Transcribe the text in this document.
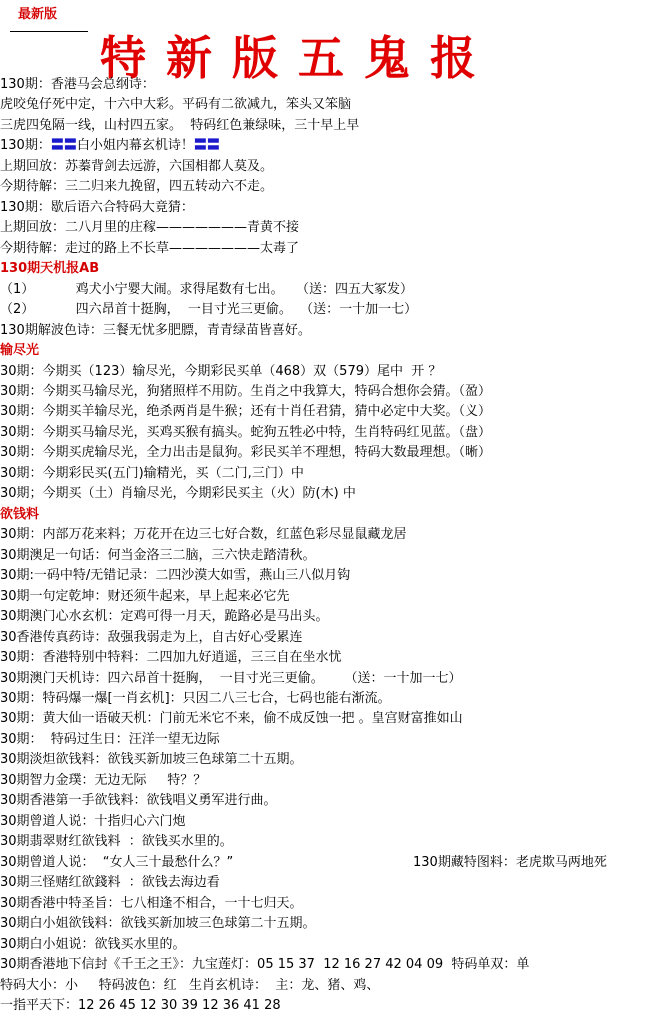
最新版
特新版五鬼报
130期藏特图料：老虎欺马两地死
130期：香港马会总纲诗：
虎咬兔仔死中定，十六中大彩。平码有二欲减九，笨头又笨脑
三虎四兔隔一线，山村四五家。  特码红色兼绿味，三十早上早
130期：〓〓白小姐内幕玄机诗！〓〓
上期回放：苏蓁背剑去远游，六国相都人莫及。
今期待解：三二归来九挽留，四五转动六不走。
130期：歇后语六合特码大竟猜：
上期回放：二八月里的庄稼———————青黄不接
今期待解：走过的路上不长草———————太毒了
130期天机报AB
（1）          鸡犬小宁婴大闹。求得尾数有七出。   （送：四五大冢发）
（2）          四六昂首十挺胸，  一目寸光三更偷。  （送：一十加一七）
130期解波色诗：三餐无忧多肥膘，青青绿苗皆喜好。
输尽光
30期：今期买（123）输尽光，今期彩民买单（468）双（579）尾中  开 ？
30期：今期买马输尽光，狗猪照样不用防。生肖之中我算大，特码合想你会猜。（盈）
30期：今期买羊输尽光，绝杀两肖是牛猴；还有十肖任君猜，猜中必定中大奖。（义）
30期：今期买马输尽光，买鸡买猴有搞头。蛇狗五牲必中特，生肖特码红见蓝。（盘）
30期：今期买虎输尽光，全力出击是鼠狗。彩民买羊不理想，特码大数最理想。（晰）
30期：今期彩民买(五门)输精光，买（二门,三门）中
30期；今期买（土）肖输尽光，今期彩民买主（火）防(木) 中
欲钱料
30期：内部万花来料；万花开在边三七好合数，红蓝色彩尽显鼠藏龙居
30期澳足一句话：何当金洛三二脑，三六快走踏清秋。
30期:一码中特/无错记录：二四沙漠大如雪，燕山三八似月钩
30期一句定乾坤：财还须牛起来，早上起来必它先
30期澳门心水玄机：定鸡可得一月天，跪路必是马出头。
30香港传真药诗：敌强我弱走为上，自古好心受累连
30期：香港特别中特料：二四加九好逍遥，三三自在坐水忧
30期澳门天机诗：四六昂首十挺胸，  一目寸光三更偷。     （送：一十加一七）
30期：特码爆一爆[一肖玄机]：只因二八三七合，七码也能右渐流。
30期：黄大仙一语破天机：门前无米它不来，偷不成反蚀一把 。皇宫财富推如山
30期：  特码过生日：汪洋一望无边际
30期淡炟欲钱料：欲钱买新加坡三色球第二十五期。
30期智力金璞：无边无际     特？？
30期香港第一手欲钱料：欲钱唱义勇军进行曲。
30期曾道人说：十指归心六门炮
30期翡翠财红欲钱料  ：欲钱买水里的。
30期曾道人说：  “女人三十最愁什么？”
30期三怪赌红欲錢料  ：欲钱去海边看
30期香港中特圣旨：七八相逢不相合，一十七归天。
30期白小姐欲钱料：欲钱买新加坡三色球第二十五期。
30期白小姐说：欲钱买水里的。
30期香港地下信封《千王之王》：九宝莲灯：05 15 37  12 16 27 42 04 09  特码单双：单
特码大小：小     特码波色：红   生肖玄机诗：  主：龙、猪、鸡、
一指平天下：12 26 45 12 30 39 12 36 41 28
